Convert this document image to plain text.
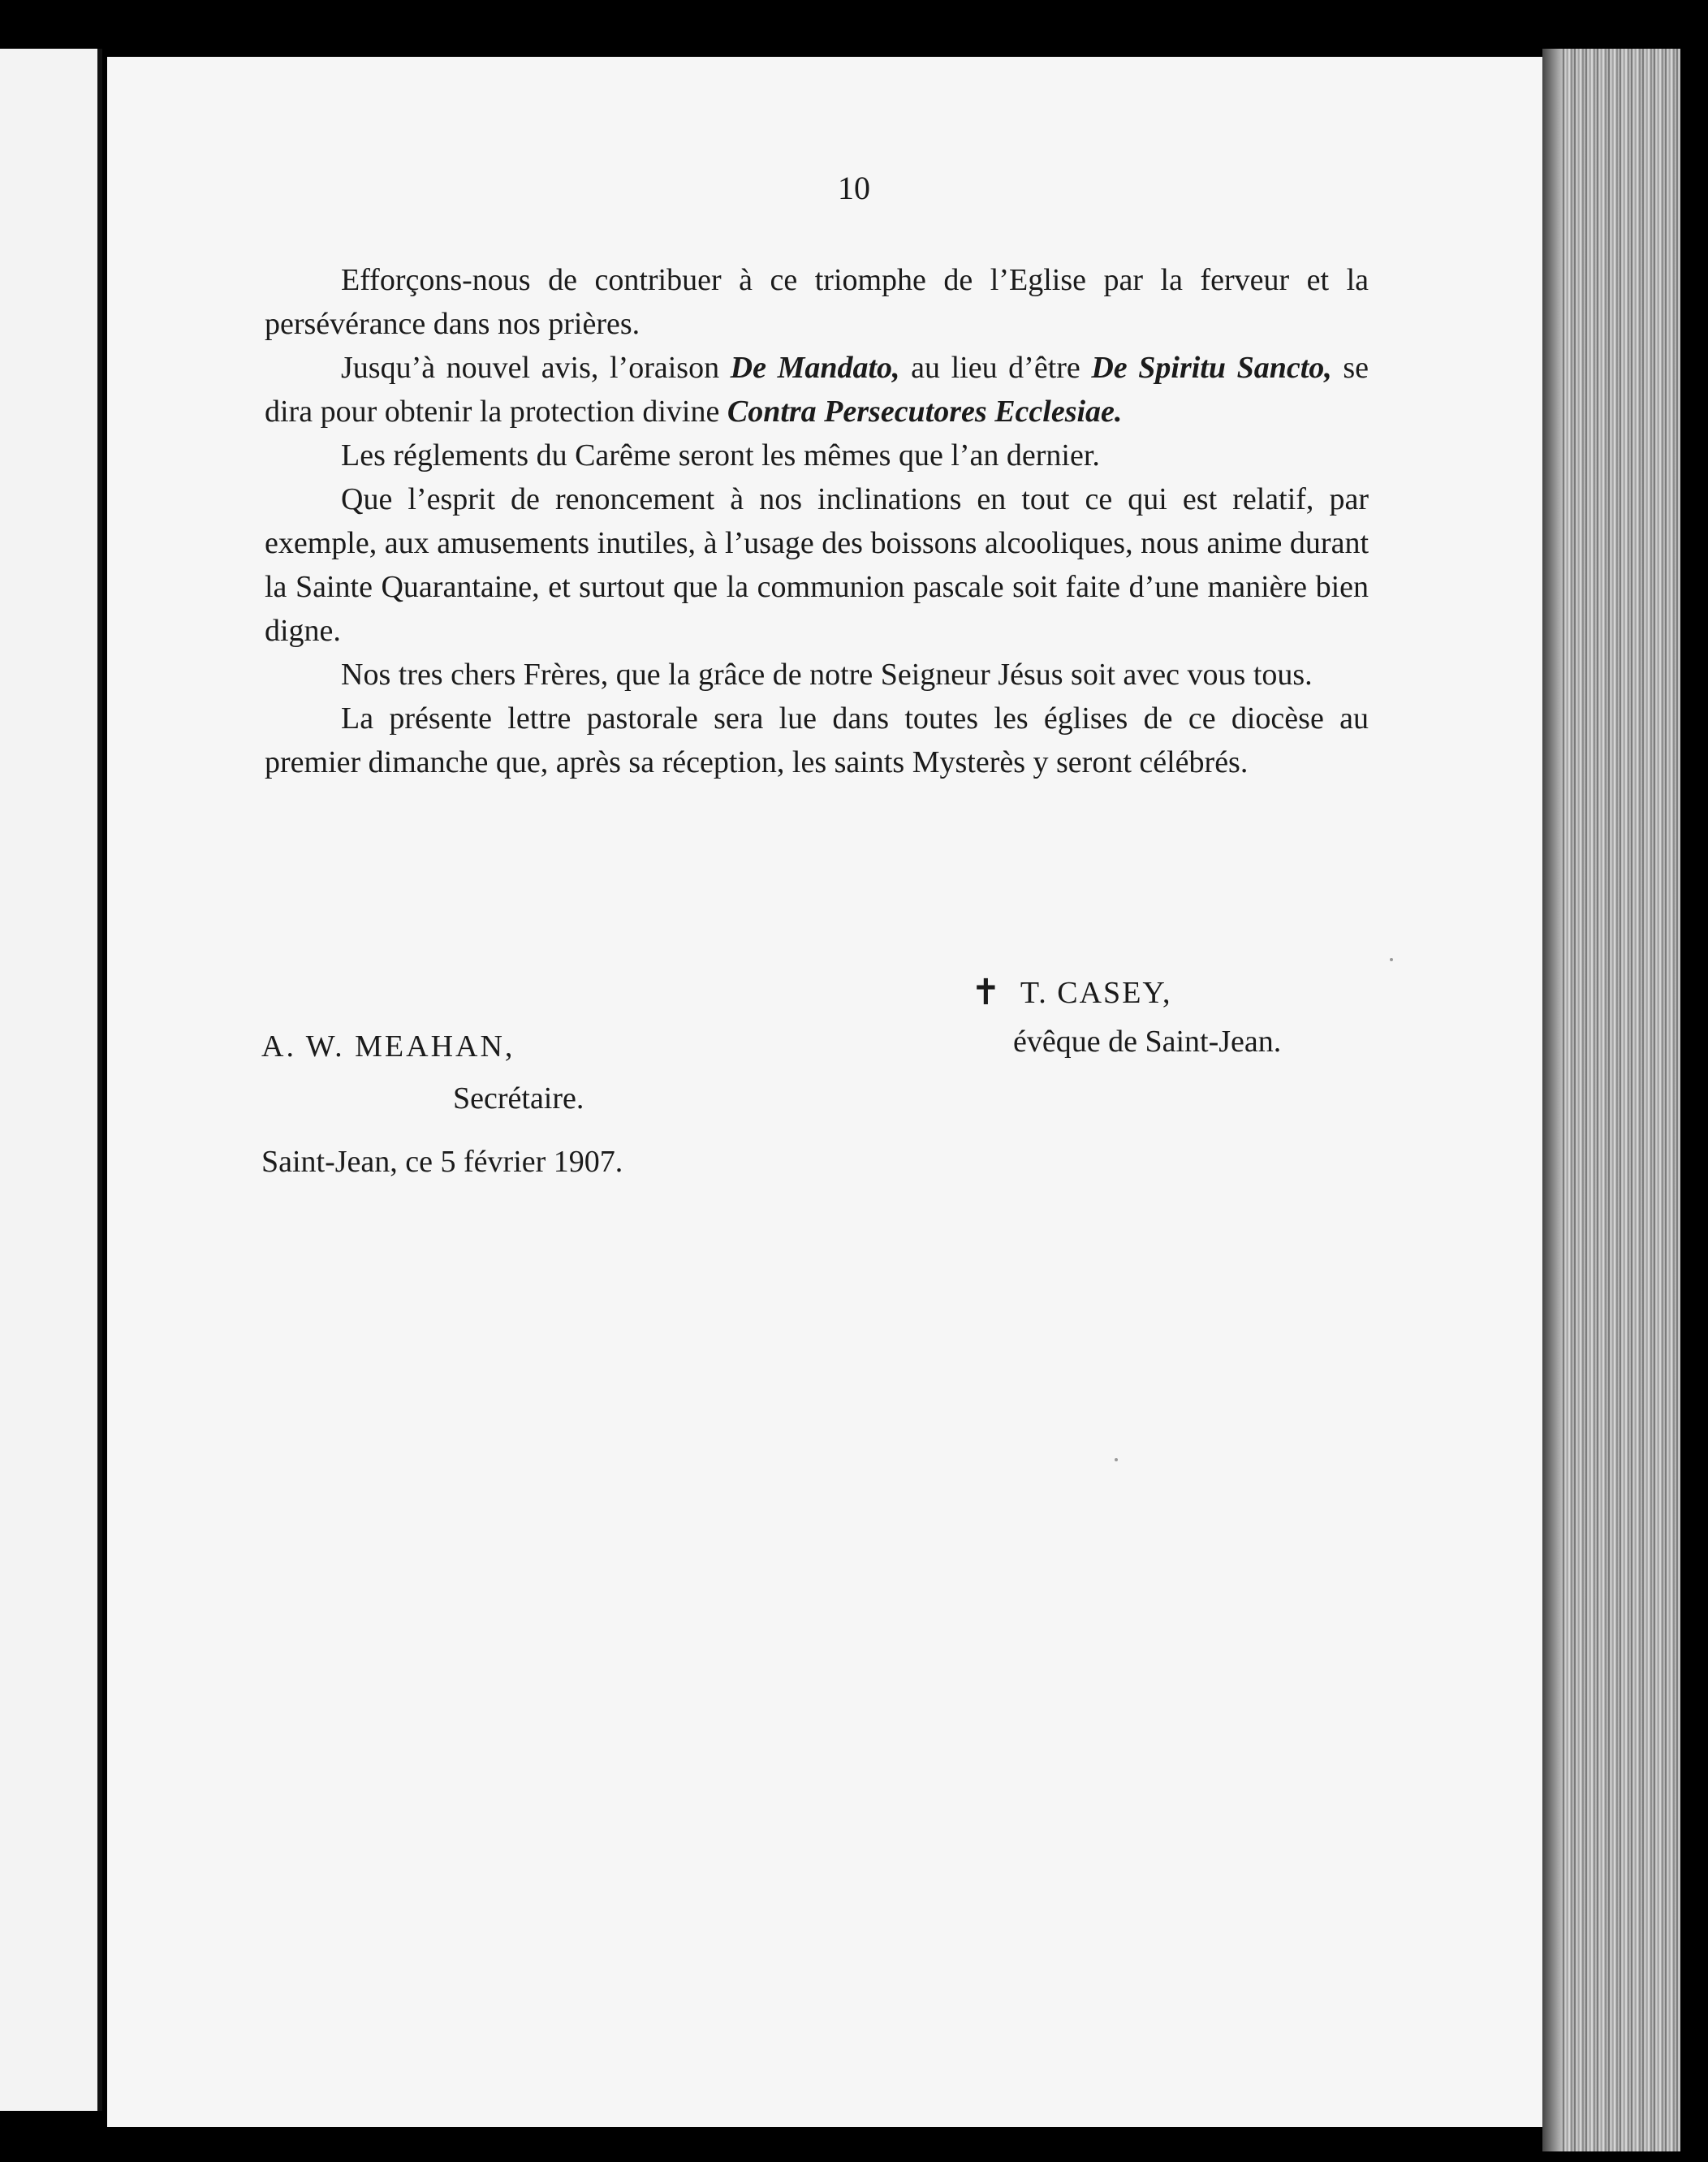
10

Efforçons-nous de contribuer à ce triomphe de l’Eglise par la ferveur et la persévérance dans nos prières.

Jusqu’à nouvel avis, l’oraison De Mandato, au lieu d’être De Spiritu Sancto, se dira pour obtenir la protection divine Contra Persecutores Ecclesiae.

Les réglements du Carême seront les mêmes que l’an dernier.

Que l’esprit de renoncement à nos inclinations en tout ce qui est relatif, par exemple, aux amusements inutiles, à l’usage des boissons alcooliques, nous anime durant la Sainte Quarantaine, et surtout que la communion pascale soit faite d’une manière bien digne.

Nos tres chers Frères, que la grâce de notre Seigneur Jésus soit avec vous tous.

La présente lettre pastorale sera lue dans toutes les églises de ce diocèse au premier dimanche que, après sa réception, les saints Mysterès y seront célébrés.

✝ T. CASEY,
évêque de Saint-Jean.
A. W. MEAHAN,
Secrétaire.
Saint-Jean, ce 5 février 1907.
